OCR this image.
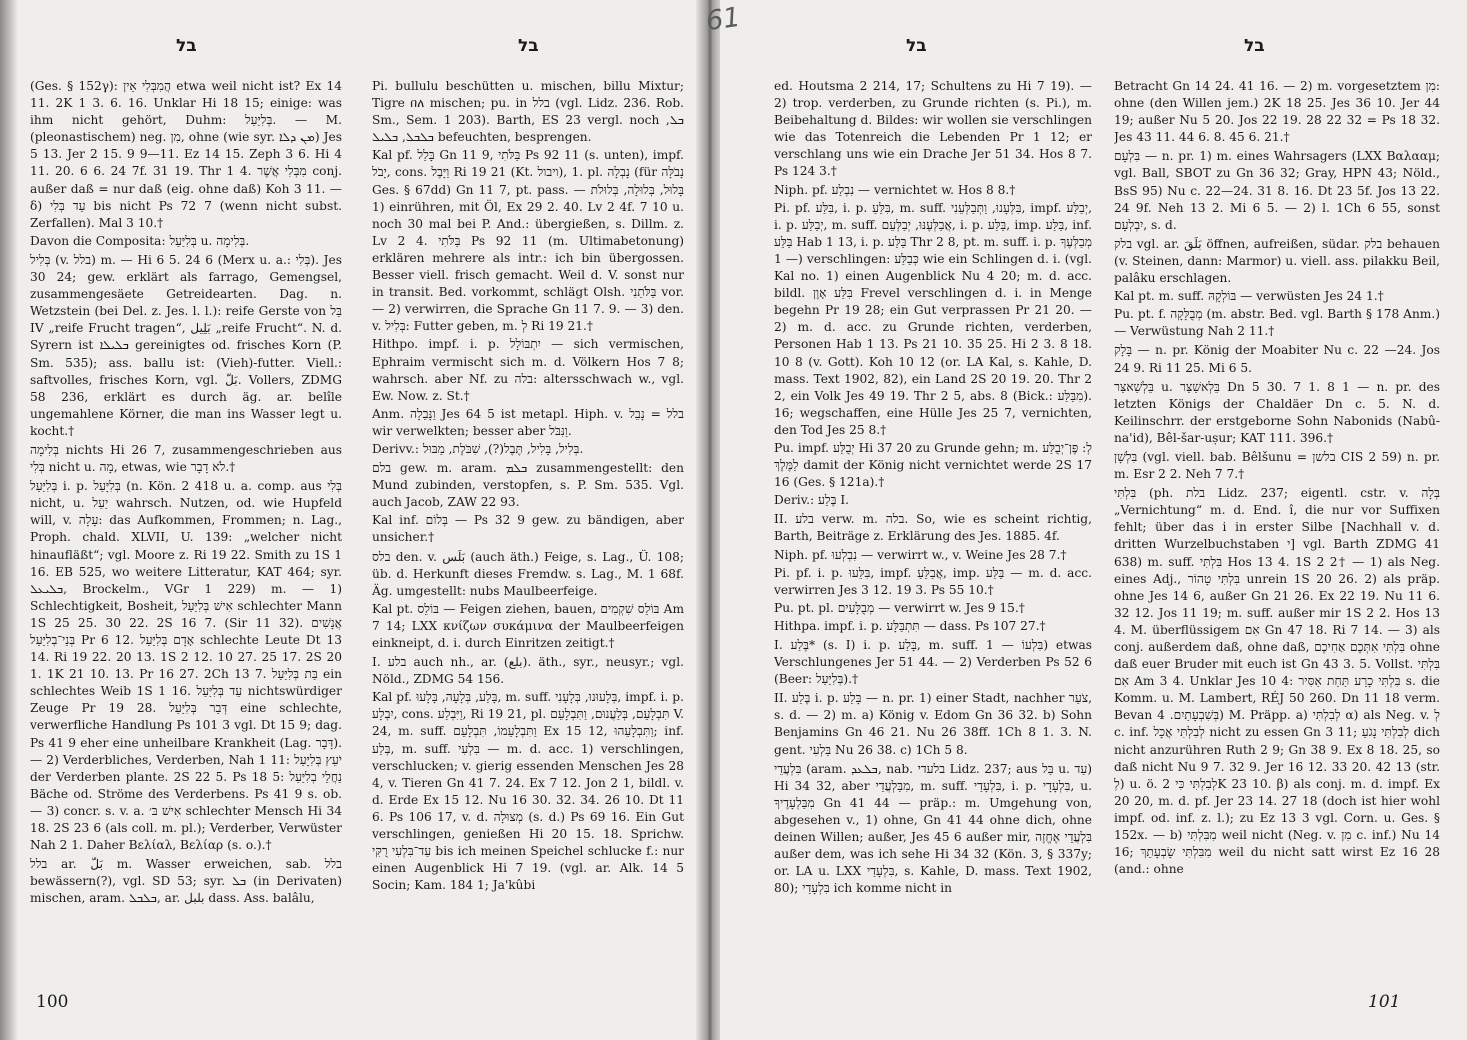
בל	בל

(Ges. § 152γ): הֲמִבְּלִי אֵין etwa weil nicht ist? Ex 14 11. 2K 1 3. 6. 16. Unklar Hi 18 15; einige: was ihm nicht gehört, Duhm: בְּלִיַּעַל. — M. (pleonastischem) neg. מִן, ohne (wie syr. ܡܢ ܕܠܐ) Jes 5 13. Jer 2 15. 9 9—11. Ez 14 15. Zeph 3 6. Hi 4 11. 20. 6 6. 24 7f. 31 19. Thr 1 4. מִבְּלִי אֲשֶׁר conj. außer daß = nur daß (eig. ohne daß) Koh 3 11. — δ) עַד בְּלִי bis nicht Ps 72 7 (wenn nicht subst. Zerfallen). Mal 3 10.†

Davon die Composita: בְּלִיַּעַל u. בְּלִימָה.

בְּלִיל (v. בלל) m. — Hi 6 5. 24 6 (Merx u. a.: בְּלִי). Jes 30 24; gew. erklärt als farrago, Gemengsel, zusammengesäete Getreidearten. Dag. n. Wetzstein (bei Del. z. Jes. l. l.): reife Gerste von בַּל IV „reife Frucht tragen“, بَلِيل „reife Frucht“. N. d. Syrern ist ܒܠܝܠܐ gereinigtes od. frisches Korn (P. Sm. 535); ass. ballu ist: (Vieh)-futter. Viell.: saftvolles, frisches Korn, vgl. بَلّ. Vollers, ZDMG 58 236, erklärt es durch äg. ar. belîle ungemahlene Körner, die man ins Wasser legt u. kocht.†

בְּלִימָה nichts Hi 26 7, zusammengeschrieben aus בְּלִי nicht u. מָה, etwas, wie לֹא דָבָר.†

בְּלִיַּעַל i. p. בְּלִיָּעַל (n. Kön. 2 418 u. a. comp. aus בְּלִי nicht, u. יַעַל wahrsch. Nutzen, od. wie Hupfeld will, v. עָלָה: das Aufkommen, Frommen; n. Lag., Proph. chald. XLVII, U. 139: „welcher nicht hinaufläßt“; vgl. Moore z. Ri 19 22. Smith zu 1S 1 16. EB 525, wo weitere Litteratur, KAT 464; syr. ܒܠܝܥܠ, Brockelm., VGr 1 229) m. — 1) Schlechtigkeit, Bosheit, אִישׁ בְּלִיַּעַל schlechter Mann 1S 25 25. 30 22. 2S 16 7. (Sir 11 32). אֲנָשִׁים בְּנֵי־בְלִיַּעַל Pr 6 12. אָדָם בְּלִיַּעַל schlechte Leute Dt 13 14. Ri 19 22. 20 13. 1S 2 12. 10 27. 25 17. 2S 20 1. 1K 21 10. 13. Pr 16 27. 2Ch 13 7. בַּת בְּלִיַּעַל ein schlechtes Weib 1S 1 16. עֵד בְּלִיַּעַל nichtswürdiger Zeuge Pr 19 28. דְּבַר בְּלִיַּעַל eine schlechte, verwerfliche Handlung Ps 101 3 vgl. Dt 15 9; dag. Ps 41 9 eher eine unheilbare Krankheit (Lag. דָּבָר). — 2) Verderbliches, Verderben, Nah 1 11: יֹעֵץ בְּלִיָּעַל der Verderben plante. 2S 22 5. Ps 18 5: נַחֲלֵי בְלִיַּעַל Bäche od. Ströme des Verderbens. Ps 41 9 s. ob. — 3) concr. s. v. a. אִישׁ בּ׳ schlechter Mensch Hi 34 18. 2S 23 6 (als coll. m. pl.); Verderber, Verwüster Nah 2 1. Daher Βελίαλ, Βελίαρ (s. o.).†

בלל ar. بَلّ m. Wasser erweichen, sab. בלל bewässern(?), vgl. SD 53; syr. ܒܠ (in Derivaten) mischen, aram. ܒܠܒܠ, ar. بلبل dass. Ass. balâlu,

Pi. bullulu beschütten u. mischen, billu Mixtur; Tigre በለ mischen; pu. in בלל (vgl. Lidz. 236. Rob. Sm., Sem. 1 203). Barth, ES 23 vergl. noch ܒܠ, ܒܠܒܠ, ܒܠܝܠ befeuchten, besprengen.

Kal pf. בָּלַל Gn 11 9, בַּלֹּתִי Ps 92 11 (s. unten), impf. יָבֹל, cons. וַיָּבֶל Ri 19 21 (Kt. ויבול), 1. pl. נָבְלָה (für נָבֹלָּה Ges. § 67dd) Gn 11 7, pt. pass. בָּלוּל, בְּלוּלָה, בְּלוּלֹת — 1) einrühren, mit Öl, Ex 29 2. 40. Lv 2 4f. 7 10 u. noch 30 mal bei P. And.: übergießen, s. Dillm. z. Lv 2 4. בַּלֹּתִי Ps 92 11 (m. Ultimabetonung) erklären mehrere als intr.: ich bin übergossen. Besser viell. frisch gemacht. Weil d. V. sonst nur in transit. Bed. vorkommt, schlägt Olsh. בַּלֹּתַנִי vor. — 2) verwirren, die Sprache Gn 11 7. 9. — 3) den. v. בְּלִיל: Futter geben, m. לְ Ri 19 21.†

Hithpo. impf. i. p. יִתְבּוֹלָל — sich vermischen, Ephraim vermischt sich m. d. Völkern Hos 7 8; wahrsch. aber Nf. zu בלה: altersschwach w., vgl. Ew. Now. z. St.†

Anm. וַנָּבֵלָה Jes 64 5 ist metapl. Hiph. v. בלל = נָבֵל wir verwelkten; besser aber וַנִּבֹּל.

Derivv.: בְּלִיל, בָּלִיל, תֶּבֶל(?), שִׁבֹּלֶת, מַבּוּל.

בלם gew. m. aram. ܒܠܡ zusammengestellt: den Mund zubinden, verstopfen, s. P. Sm. 535. Vgl. auch Jacob, ZAW 22 93.

Kal inf. בְּלוֹם — Ps 32 9 gew. zu bändigen, aber unsicher.†

בלס den. v. بَلَس (auch äth.) Feige, s. Lag., Ü. 108; üb. d. Herkunft dieses Fremdw. s. Lag., M. 1 68f. Äg. umgestellt: nubs Maulbeerfeige.

Kal pt. בּוֹלֵס — Feigen ziehen, bauen, בּוֹלֵס שִׁקְמִים Am 7 14; LXX κνίζων συκάμινα der Maulbeerfeigen einkneipt, d. i. durch Einritzen zeitigt.†

I. בלע auch nh., ar. (بلع). äth., syr., neusyr.; vgl. Nöld., ZDMG 54 156.

Kal pf. בָּלַע, בְּלָעָה, בָּלָעוּ, m. suff. בְּלָעוּנוּ, בְּלָעָנִי, impf. i. p. יִבְלָע, cons. וַיִּבְלַע, Ri 19 21, pl. תִּבְלָעֵם, בְּלַעֲנוּם, וַתִּבְלָעֵם V. 24, m. suff. וַתִּבְלָעֵמוֹ, תִּבְלָעֵם Ex 15 12, וַתִּבְלָעֵהוּ; inf. בְּלַע, m. suff. בִּלְעִי — m. d. acc. 1) verschlingen, verschlucken; v. gierig essenden Menschen Jes 28 4, v. Tieren Gn 41 7. 24. Ex 7 12. Jon 2 1, bildl. v. d. Erde Ex 15 12. Nu 16 30. 32. 34. 26 10. Dt 11 6. Ps 106 17, v. d. מְצוּלָה (s. d.) Ps 69 16. Ein Gut verschlingen, genießen Hi 20 15. 18. Sprichw. עַד־בִּלְעִי רֻקִּי bis ich meinen Speichel schlucke f.: nur einen Augenblick Hi 7 19. (vgl. ar. Alk. 14 5 Socin; Kam. 184 1; Ja'kûbi

100
בל	בל

ed. Houtsma 2 214, 17; Schultens zu Hi 7 19). — 2) trop. verderben, zu Grunde richten (s. Pi.), m. Beibehaltung d. Bildes: wir wollen sie verschlingen wie das Totenreich die Lebenden Pr 1 12; er verschlang uns wie ein Drache Jer 51 34. Hos 8 7. Ps 124 3.†

Niph. pf. נִבְלַע — vernichtet w. Hos 8 8.†

Pi. pf. בִּלַּע, i. p. בִּלֵּעַ, m. suff. בִּלְּעָנוּ, וַתְּבַלְּעֵנִי, impf. יְבַלַּע, i. p. יְבַלַּע, m. suff. אֲבַלְּעֶנּוּ, יְבַלְּעֵם, i. p. בַּלַּע, imp. בַּלַּע, inf. בַּלֵּע Hab 1 13, i. p. בַּלַּע Thr 2 8, pt. m. suff. i. p. מְבַלְּעֶךָ — 1) verschlingen: כְּבַלַּע wie ein Schlingen d. i. (vgl. Kal no. 1) einen Augenblick Nu 4 20; m. d. acc. bildl. בִּלַּע אָוֶן Frevel verschlingen d. i. in Menge begehn Pr 19 28; ein Gut verprassen Pr 21 20. — 2) m. d. acc. zu Grunde richten, verderben, Personen Hab 1 13. Ps 21 10. 35 25. Hi 2 3. 8 18. 10 8 (v. Gott). Koh 10 12 (or. LA Kal, s. Kahle, D. mass. Text 1902, 82), ein Land 2S 20 19. 20. Thr 2 2, ein Volk Jes 49 19. Thr 2 5, abs. 8 (Bick.: מִבַּלַּע). 16; wegschaffen, eine Hülle Jes 25 7, vernichten, den Tod Jes 25 8.†

Pu. impf. יְבֻלַּע Hi 37 20 zu Grunde gehn; m. לְ: פֶּן־יְבֻלַּע לַמֶּלֶךְ damit der König nicht vernichtet werde 2S 17 16 (Ges. § 121a).†

Deriv.: בֶּלַע I.

II. בלע verw. m. בלה. So, wie es scheint richtig, Barth, Beiträge z. Erklärung des Jes. 1885. 4f.

Niph. pf. נִבְלְעוּ — verwirrt w., v. Weine Jes 28 7.†

Pi. pf. i. p. בִּלֵּעוּ, impf. אֲבַלֵּעַ, imp. בַּלַּע — m. d. acc. verwirren Jes 3 12. 19 3. Ps 55 10.†

Pu. pt. pl. מְבֻלָּעִים — verwirrt w. Jes 9 15.†

Hithpa. impf. i. p. תִּתְבַּלָּע — dass. Ps 107 27.†

I. בֶּלַע* (s. I) i. p. בָּלַע, m. suff. בִּלְעוֹ — 1) etwas Verschlungenes Jer 51 44. — 2) Verderben Ps 52 6 (Beer: בְּלִיַּעַל).†

II. בֶּלַע i. p. בָּלַע — n. pr. 1) einer Stadt, nachher צֹעַר, s. d. — 2) m. a) König v. Edom Gn 36 32. b) Sohn Benjamins Gn 46 21. Nu 26 38ff. 1Ch 8 1. 3. N. gent. בַּלְעִי Nu 26 38. c) 1Ch 5 8.

בִּלְעֲדֵי (aram. ܒܠܥܕ, nab. בלעדי Lidz. 237; aus בַּל u. עַד) Hi 34 32, aber מִבַּלְעֲדֵי, m. suff. בִּלְעָדַי, i. p. בִּלְעָדָי, u. מִבַּלְעָדֶיךָ Gn 41 44 — präp.: m. Umgehung von, abgesehen v., 1) ohne, Gn 41 44 ohne dich, ohne deinen Willen; außer, Jes 45 6 außer mir, בִּלְעֲדֵי אֶחֱזֶה außer dem, was ich sehe Hi 34 32 (Kön. 3, § 337y; or. LA u. LXX בִּלְעָדַי, s. Kahle, D. mass. Text 1902, 80); בִּלְעָדַי ich komme nicht in

Betracht Gn 14 24. 41 16. — 2) m. vorgesetztem מִן: ohne (den Willen jem.) 2K 18 25. Jes 36 10. Jer 44 19; außer Nu 5 20. Jos 22 19. 28 22 32 = Ps 18 32. Jes 43 11. 44 6. 8. 45 6. 21.†

בִּלְעָם — n. pr. 1) m. eines Wahrsagers (LXX Βαλααμ; vgl. Ball, SBOT zu Gn 36 32; Gray, HPN 43; Nöld., BsS 95) Nu c. 22—24. 31 8. 16. Dt 23 5f. Jos 13 22. 24 9f. Neh 13 2. Mi 6 5. — 2) l. 1Ch 6 55, sonst יִבְלְעָם, s. d.

בלק vgl. ar. بَلَقَ öffnen, aufreißen, südar. בלק behauen (v. Steinen, dann: Marmor) u. viell. ass. pilakku Beil, palâku erschlagen.

Kal pt. m. suff. בּוֹלְקָהּ — verwüsten Jes 24 1.†

Pu. pt. f. מְבֻלָּקָה (m. abstr. Bed. vgl. Barth § 178 Anm.) — Verwüstung Nah 2 11.†

בָּלָק — n. pr. König der Moabiter Nu c. 22 —24. Jos 24 9. Ri 11 25. Mi 6 5.

בֵּלְשַׁאצַּר u. בֵּלְאשַׁצַּר Dn 5 30. 7 1. 8 1 — n. pr. des letzten Königs der Chaldäer Dn c. 5. N. d. Keilinschrr. der erstgeborne Sohn Nabonids (Nabû-na'id), Bêl-šar-uṣur; KAT 111. 396.†

בִּלְשָׁן (vgl. viell. bab. Bêlšunu = בלשן CIS 2 59) n. pr. m. Esr 2 2. Neh 7 7.†

בִּלְתִּי (ph. בלת Lidz. 237; eigentl. cstr. v. בְּלָה „Vernichtung“ m. d. End. î, die nur vor Suffixen fehlt; über das i in erster Silbe [Nachhall v. d. dritten Wurzelbuchstaben י] vgl. Barth ZDMG 41 638) m. suff. בִּלְתִּי Hos 13 4. 1S 2 2† — 1) als Neg. eines Adj., בִּלְתִּי טָהוֹר unrein 1S 20 26. 2) als präp. ohne Jes 14 6, außer Gn 21 26. Ex 22 19. Nu 11 6. 32 12. Jos 11 19; m. suff. außer mir 1S 2 2. Hos 13 4. M. überflüssigem אִם Gn 47 18. Ri 7 14. — 3) als conj. außerdem daß, ohne daß, בִּלְתִּי אִתְּכֶם אַחִיכֶם ohne daß euer Bruder mit euch ist Gn 43 3. 5. Vollst. בִּלְתִּי אִם Am 3 4. Unklar Jes 10 4: בִּלְתִּי כָרַע תַּחַת אַסִּיר s. die Komm. u. M. Lambert, RÉJ 50 260. Dn 11 18 verm. Bevan בְּשִׁבְעָתַיִם. 4) M. Präpp. a) לְבִלְתִּי α) als Neg. v. לְ c. inf. לְבִלְתִּי אֲכָל nicht zu essen Gn 3 11; לְבִלְתִּי נָגֹעַ dich nicht anzurühren Ruth 2 9; Gn 38 9. Ex 8 18. 25, so daß nicht Nu 9 7. 32 9. Jer 16 12. 33 20. 42 13 (str. לְ) u. ö. לְבִלְתִּי כִּי 2K 23 10. β) als conj. m. d. impf. Ex 20 20, m. d. pf. Jer 23 14. 27 18 (doch ist hier wohl impf. od. inf. z. l.); zu Ez 13 3 vgl. Corn. u. Ges. § 152x. — b) מִבִּלְתִּי weil nicht (Neg. v. מִן c. inf.) Nu 14 16; מִבִּלְתִּי שָׂבְעָתֵךְ weil du nicht satt wirst Ez 16 28 (and.: ohne

101
61
